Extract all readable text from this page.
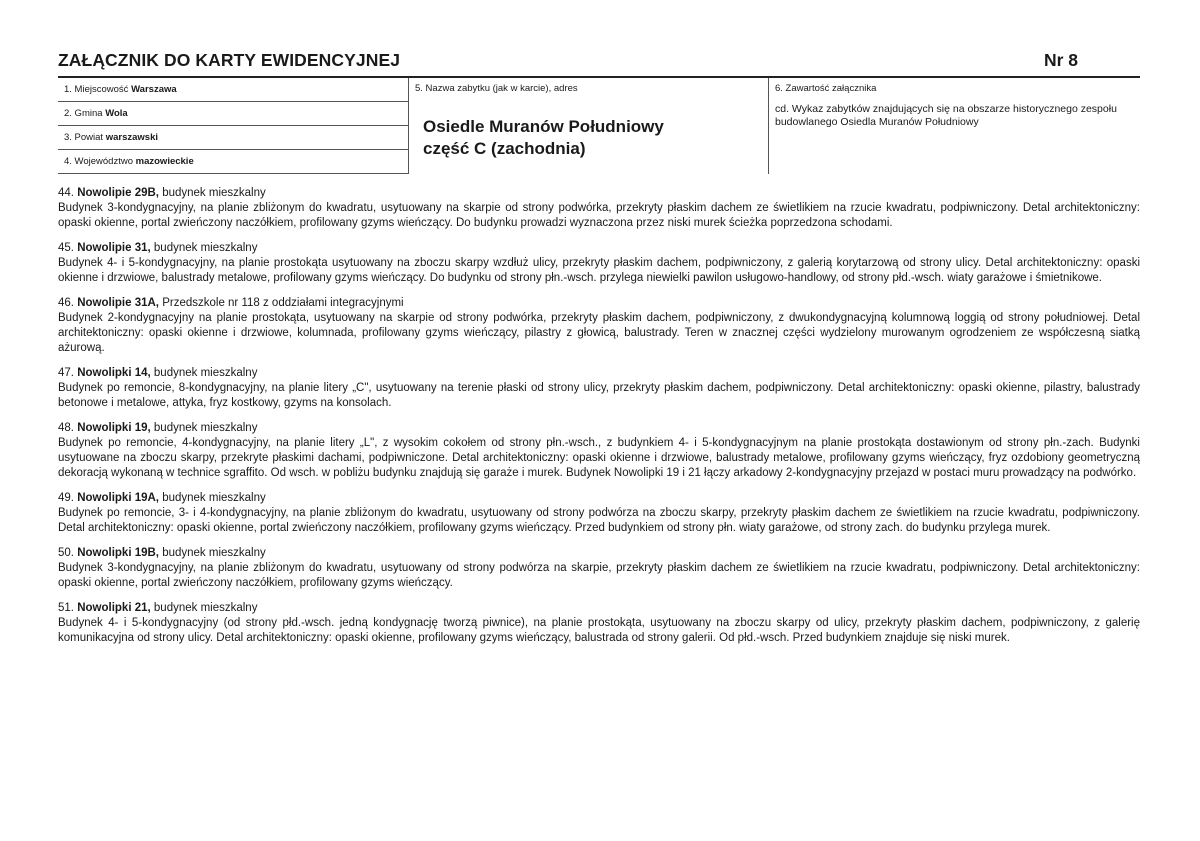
ZAŁĄCZNIK DO KARTY EWIDENCYJNEJ	Nr 8
1. Miejscowość Warszawa
2. Gmina Wola
3. Powiat warszawski
4. Województwo mazowieckie
5. Nazwa zabytku (jak w karcie), adres
Osiedle Muranów Południowy
część C (zachodnia)
6. Zawartość załącznika
cd. Wykaz zabytków znajdujących się na obszarze historycznego zespołu budowlanego Osiedla Muranów Południowy
44. Nowolipie 29B, budynek mieszkalny
Budynek 3-kondygnacyjny, na planie zbliżonym do kwadratu, usytuowany na skarpie od strony podwórka, przekryty płaskim dachem ze świetlikiem na rzucie kwadratu, podpiwniczony. Detal architektoniczny: opaski okienne, portal zwieńczony naczółkiem, profilowany gzyms wieńczący. Do budynku prowadzi wyznaczona przez niski murek ścieżka poprzedzona schodami.
45. Nowolipie 31, budynek mieszkalny
Budynek 4- i 5-kondygnacyjny, na planie prostokąta usytuowany na zboczu skarpy wzdłuż ulicy, przekryty płaskim dachem, podpiwniczony, z galerią korytarzową od strony ulicy. Detal architektoniczny: opaski okienne i drzwiowe, balustrady metalowe, profilowany gzyms wieńczący. Do budynku od strony płn.-wsch. przylega niewielki pawilon usługowo-handlowy, od strony płd.-wsch. wiaty garażowe i śmietnikowe.
46. Nowolipie 31A, Przedszkole nr 118 z oddziałami integracyjnymi
Budynek 2-kondygnacyjny na planie prostokąta, usytuowany na skarpie od strony podwórka, przekryty płaskim dachem, podpiwniczony, z dwukondygnacyjną kolumnową loggią od strony południowej. Detal architektoniczny: opaski okienne i drzwiowe, kolumnada, profilowany gzyms wieńczący, pilastry z głowicą, balustrady. Teren w znacznej części wydzielony murowanym ogrodzeniem ze współczesną siatką ażurową.
47. Nowolipki 14, budynek mieszkalny
Budynek po remoncie, 8-kondygnacyjny, na planie litery „C", usytuowany na terenie płaski od strony ulicy, przekryty płaskim dachem, podpiwniczony. Detal architektoniczny: opaski okienne, pilastry, balustrady betonowe i metalowe, attyka, fryz kostkowy, gzyms na konsolach.
48. Nowolipki 19, budynek mieszkalny
Budynek po remoncie, 4-kondygnacyjny, na planie litery „L", z wysokim cokołem od strony płn.-wsch., z budynkiem 4- i 5-kondygnacyjnym na planie prostokąta dostawionym od strony płn.-zach. Budynki usytuowane na zboczu skarpy, przekryte płaskimi dachami, podpiwniczone. Detal architektoniczny: opaski okienne i drzwiowe, balustrady metalowe, profilowany gzyms wieńczący, fryz ozdobiony geometryczną dekoracją wykonaną w technice sgraffito. Od wsch. w pobliżu budynku znajdują się garaże i murek. Budynek Nowolipki 19 i 21 łączy arkadowy 2-kondygnacyjny przejazd w postaci muru prowadzący na podwórko.
49. Nowolipki 19A, budynek mieszkalny
Budynek po remoncie, 3- i 4-kondygnacyjny, na planie zbliżonym do kwadratu, usytuowany od strony podwórza na zboczu skarpy, przekryty płaskim dachem ze świetlikiem na rzucie kwadratu, podpiwniczony. Detal architektoniczny: opaski okienne, portal zwieńczony naczółkiem, profilowany gzyms wieńczący. Przed budynkiem od strony płn. wiaty garażowe, od strony zach. do budynku przylega murek.
50. Nowolipki 19B, budynek mieszkalny
Budynek 3-kondygnacyjny, na planie zbliżonym do kwadratu, usytuowany od strony podwórza na skarpie, przekryty płaskim dachem ze świetlikiem na rzucie kwadratu, podpiwniczony. Detal architektoniczny: opaski okienne, portal zwieńczony naczółkiem, profilowany gzyms wieńczący.
51. Nowolipki 21, budynek mieszkalny
Budynek 4- i 5-kondygnacyjny (od strony płd.-wsch. jedną kondygnację tworzą piwnice), na planie prostokąta, usytuowany na zboczu skarpy od ulicy, przekryty płaskim dachem, podpiwniczony, z galerię komunikacyjna od strony ulicy. Detal architektoniczny: opaski okienne, profilowany gzyms wieńczący, balustrada od strony galerii. Od płd.-wsch. Przed budynkiem znajduje się niski murek.
